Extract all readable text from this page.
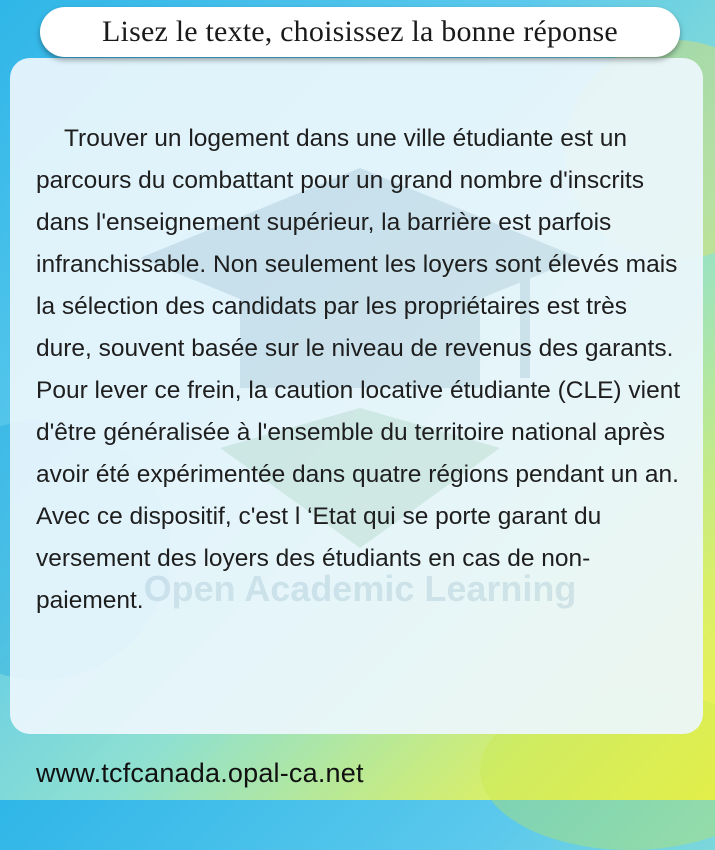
Lisez le texte, choisissez la bonne réponse
Open Academic Learning

Trouver un logement dans une ville étudiante est un parcours du combattant pour un grand nombre d'inscrits dans l'enseignement supérieur, la barrière est parfois infranchissable. Non seulement les loyers sont élevés mais la sélection des candidats par les propriétaires est très dure, souvent basée sur le niveau de revenus des garants. Pour lever ce frein, la caution locative étudiante (CLE) vient d'être généralisée à l'ensemble du territoire national après avoir été expérimentée dans quatre régions pendant un an. Avec ce dispositif, c'est l ‘Etat qui se porte garant du versement des loyers des étudiants en cas de non-paiement.

www.tcfcanada.opal-ca.net
